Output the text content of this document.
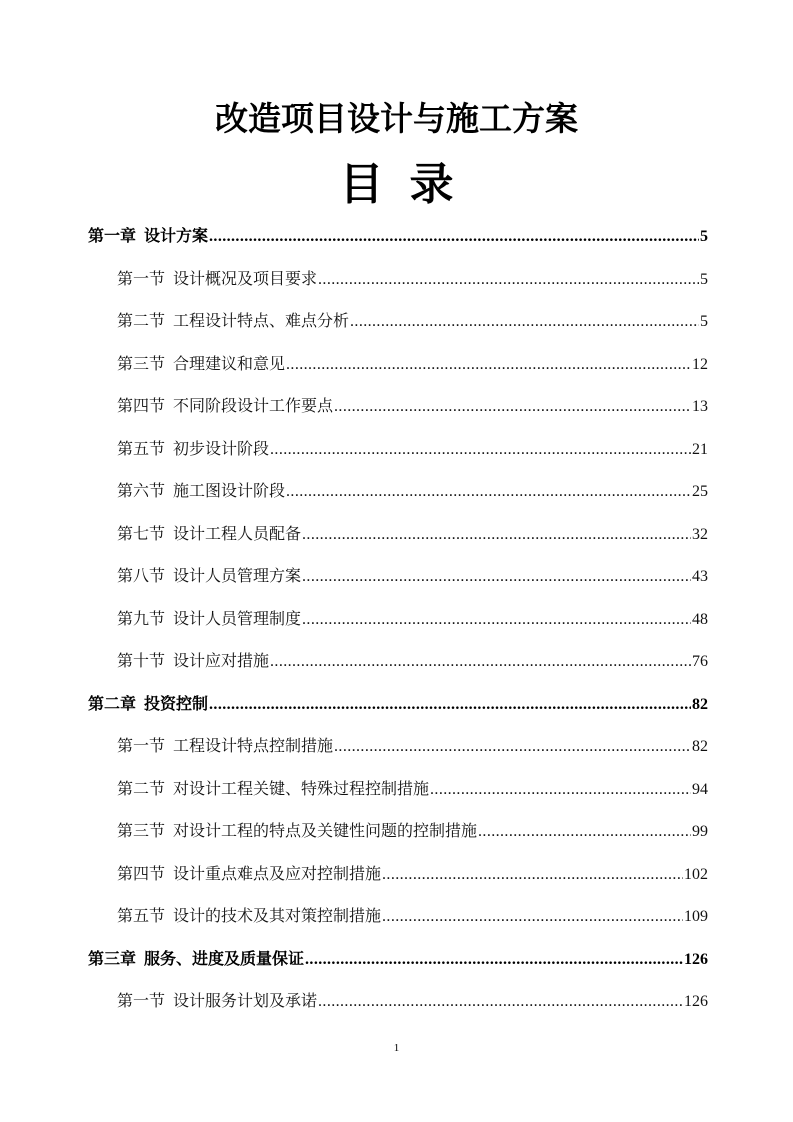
改造项目设计与施工方案
目 录
第一章 设计方案 .....	5
第一节 设计概况及项目要求 .....	5
第二节 工程设计特点、难点分析 .....	5
第三节 合理建议和意见 .....	12
第四节 不同阶段设计工作要点 .....	13
第五节 初步设计阶段 .....	21
第六节 施工图设计阶段 .....	25
第七节 设计工程人员配备 .....	32
第八节 设计人员管理方案 .....	43
第九节 设计人员管理制度 .....	48
第十节 设计应对措施 .....	76
第二章 投资控制 .....	82
第一节 工程设计特点控制措施 .....	82
第二节 对设计工程关键、特殊过程控制措施 .....	94
第三节 对设计工程的特点及关键性问题的控制措施 .....	99
第四节 设计重点难点及应对控制措施 .....	102
第五节 设计的技术及其对策控制措施 .....	109
第三章 服务、进度及质量保证 .....	126
第一节 设计服务计划及承诺 .....	126
1
